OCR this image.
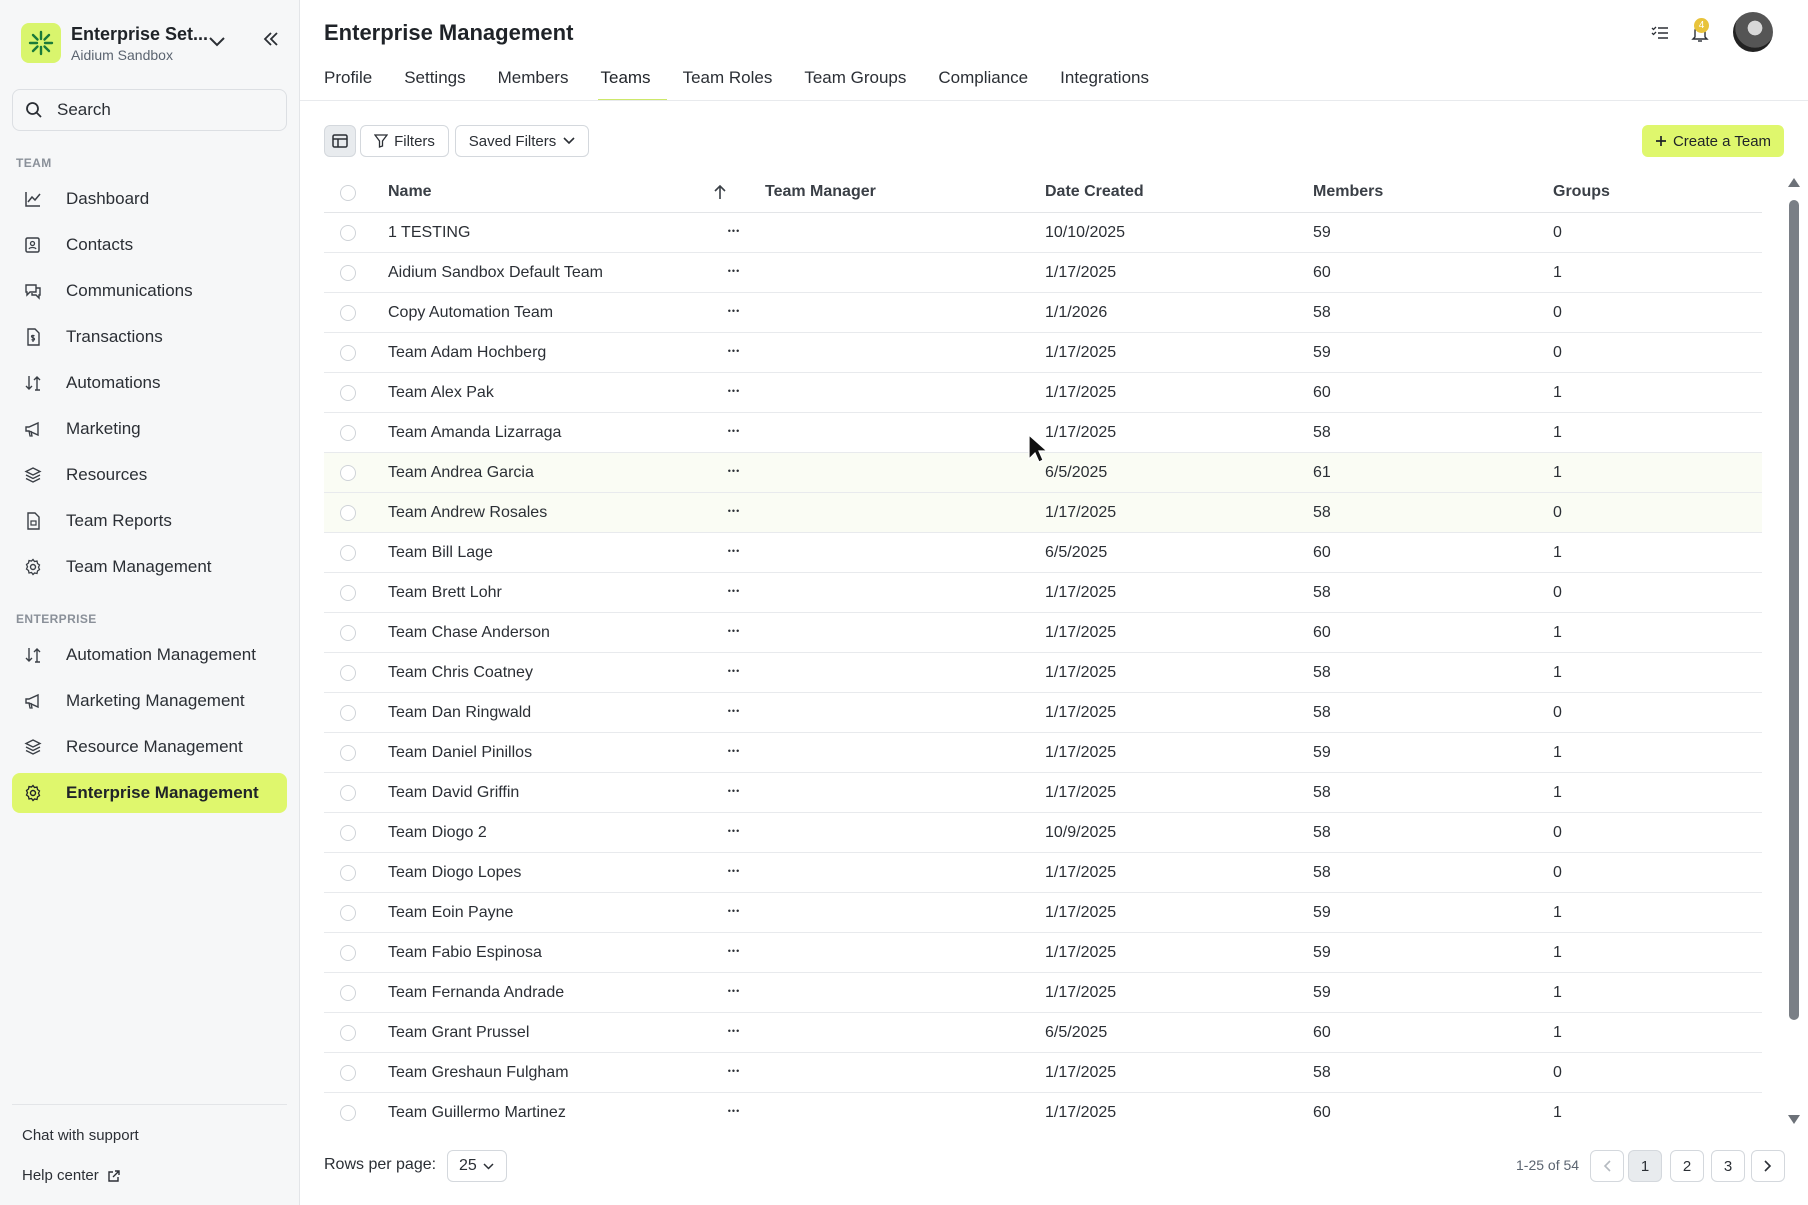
Enterprise Set...
Aidium Sandbox
Search
TEAM
Dashboard
Contacts
Communications
Transactions
Automations
Marketing
Resources
Team Reports
Team Management
ENTERPRISE
Automation Management
Marketing Management
Resource Management
Enterprise Management
Chat with support
Help center
Enterprise Management	4
Profile Settings Members Teams Team Roles Team Groups Compliance Integrations
Filters Saved Filters	Create a Team
Name	Team Manager	Date Created	Members	Groups
1 TESTING	•••	10/10/2025	59	0
Aidium Sandbox Default Team	•••	1/17/2025	60	1
Copy Automation Team	•••	1/1/2026	58	0
Team Adam Hochberg	•••	1/17/2025	59	0
Team Alex Pak	•••	1/17/2025	60	1
Team Amanda Lizarraga	•••	1/17/2025	58	1
Team Andrea Garcia	•••	6/5/2025	61	1
Team Andrew Rosales	•••	1/17/2025	58	0
Team Bill Lage	•••	6/5/2025	60	1
Team Brett Lohr	•••	1/17/2025	58	0
Team Chase Anderson	•••	1/17/2025	60	1
Team Chris Coatney	•••	1/17/2025	58	1
Team Dan Ringwald	•••	1/17/2025	58	0
Team Daniel Pinillos	•••	1/17/2025	59	1
Team David Griffin	•••	1/17/2025	58	1
Team Diogo 2	•••	10/9/2025	58	0
Team Diogo Lopes	•••	1/17/2025	58	0
Team Eoin Payne	•••	1/17/2025	59	1
Team Fabio Espinosa	•••	1/17/2025	59	1
Team Fernanda Andrade	•••	1/17/2025	59	1
Team Grant Prussel	•••	6/5/2025	60	1
Team Greshaun Fulgham	•••	1/17/2025	58	0
Team Guillermo Martinez	•••	1/17/2025	60	1
Rows per page: 25	1-25 of 54	1	2	3
